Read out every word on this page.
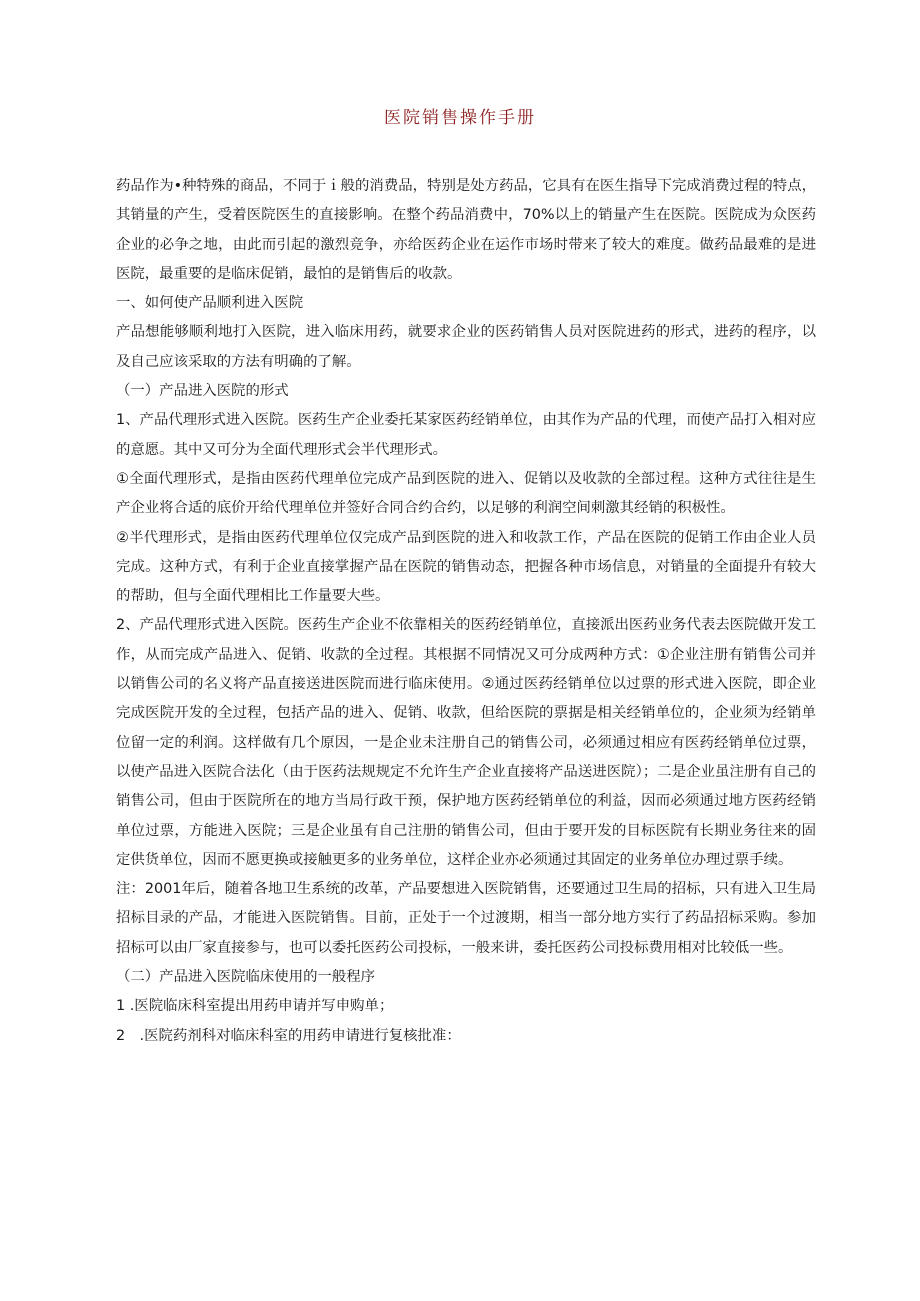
医院销售操作手册

药品作为•种特殊的商品，不同于ｉ般的消费品，特别是处方药品，它具有在医生指导下完成消费过程的特点，其销量的产生，受着医院医生的直接影响。在整个药品消费中，70%以上的销量产生在医院。医院成为众医药企业的必争之地，由此而引起的激烈竞争，亦给医药企业在运作市场时带来了较大的难度。做药品最难的是进医院，最重要的是临床促销，最怕的是销售后的收款。

一、如何使产品顺利进入医院

产品想能够顺利地打入医院，进入临床用药，就要求企业的医药销售人员对医院进药的形式，进药的程序，以及自己应该采取的方法有明确的了解。

（一）产品进入医院的形式

1、产品代理形式进入医院。医药生产企业委托某家医药经销单位，由其作为产品的代理，而使产品打入相对应的意愿。其中又可分为全面代理形式会半代理形式。

①全面代理形式，是指由医药代理单位完成产品到医院的进入、促销以及收款的全部过程。这种方式往往是生产企业将合适的底价开给代理单位并签好合同合约合约，以足够的利润空间刺激其经销的积极性。

②半代理形式，是指由医药代理单位仅完成产品到医院的进入和收款工作，产品在医院的促销工作由企业人员完成。这种方式，有利于企业直接掌握产品在医院的销售动态，把握各种市场信息，对销量的全面提升有较大的帮助，但与全面代理相比工作量要大些。

2、产品代理形式进入医院。医药生产企业不依靠相关的医药经销单位，直接派出医药业务代表去医院做开发工作，从而完成产品进入、促销、收款的全过程。其根据不同情况又可分成两种方式：①企业注册有销售公司并以销售公司的名义将产品直接送进医院而进行临床使用。②通过医药经销单位以过票的形式进入医院，即企业完成医院开发的全过程，包括产品的进入、促销、收款，但给医院的票据是相关经销单位的，企业须为经销单位留一定的利润。这样做有几个原因，一是企业未注册自己的销售公司，必须通过相应有医药经销单位过票，以使产品进入医院合法化（由于医药法规规定不允许生产企业直接将产品送进医院）；二是企业虽注册有自己的销售公司，但由于医院所在的地方当局行政干预，保护地方医药经销单位的利益，因而必须通过地方医药经销单位过票，方能进入医院；三是企业虽有自己注册的销售公司，但由于要开发的目标医院有长期业务往来的固定供货单位，因而不愿更换或接触更多的业务单位，这样企业亦必须通过其固定的业务单位办理过票手续。

注：2001年后，随着各地卫生系统的改革，产品要想进入医院销售，还要通过卫生局的招标，只有进入卫生局招标目录的产品，才能进入医院销售。目前，正处于一个过渡期，相当一部分地方实行了药品招标采购。参加招标可以由厂家直接参与，也可以委托医药公司投标，一般来讲，委托医药公司投标费用相对比较低一些。

（二）产品进入医院临床使用的一般程序

1 .医院临床科室提出用药申请并写申购单；

2　.医院药剂科对临床科室的用药申请进行复核批准：
